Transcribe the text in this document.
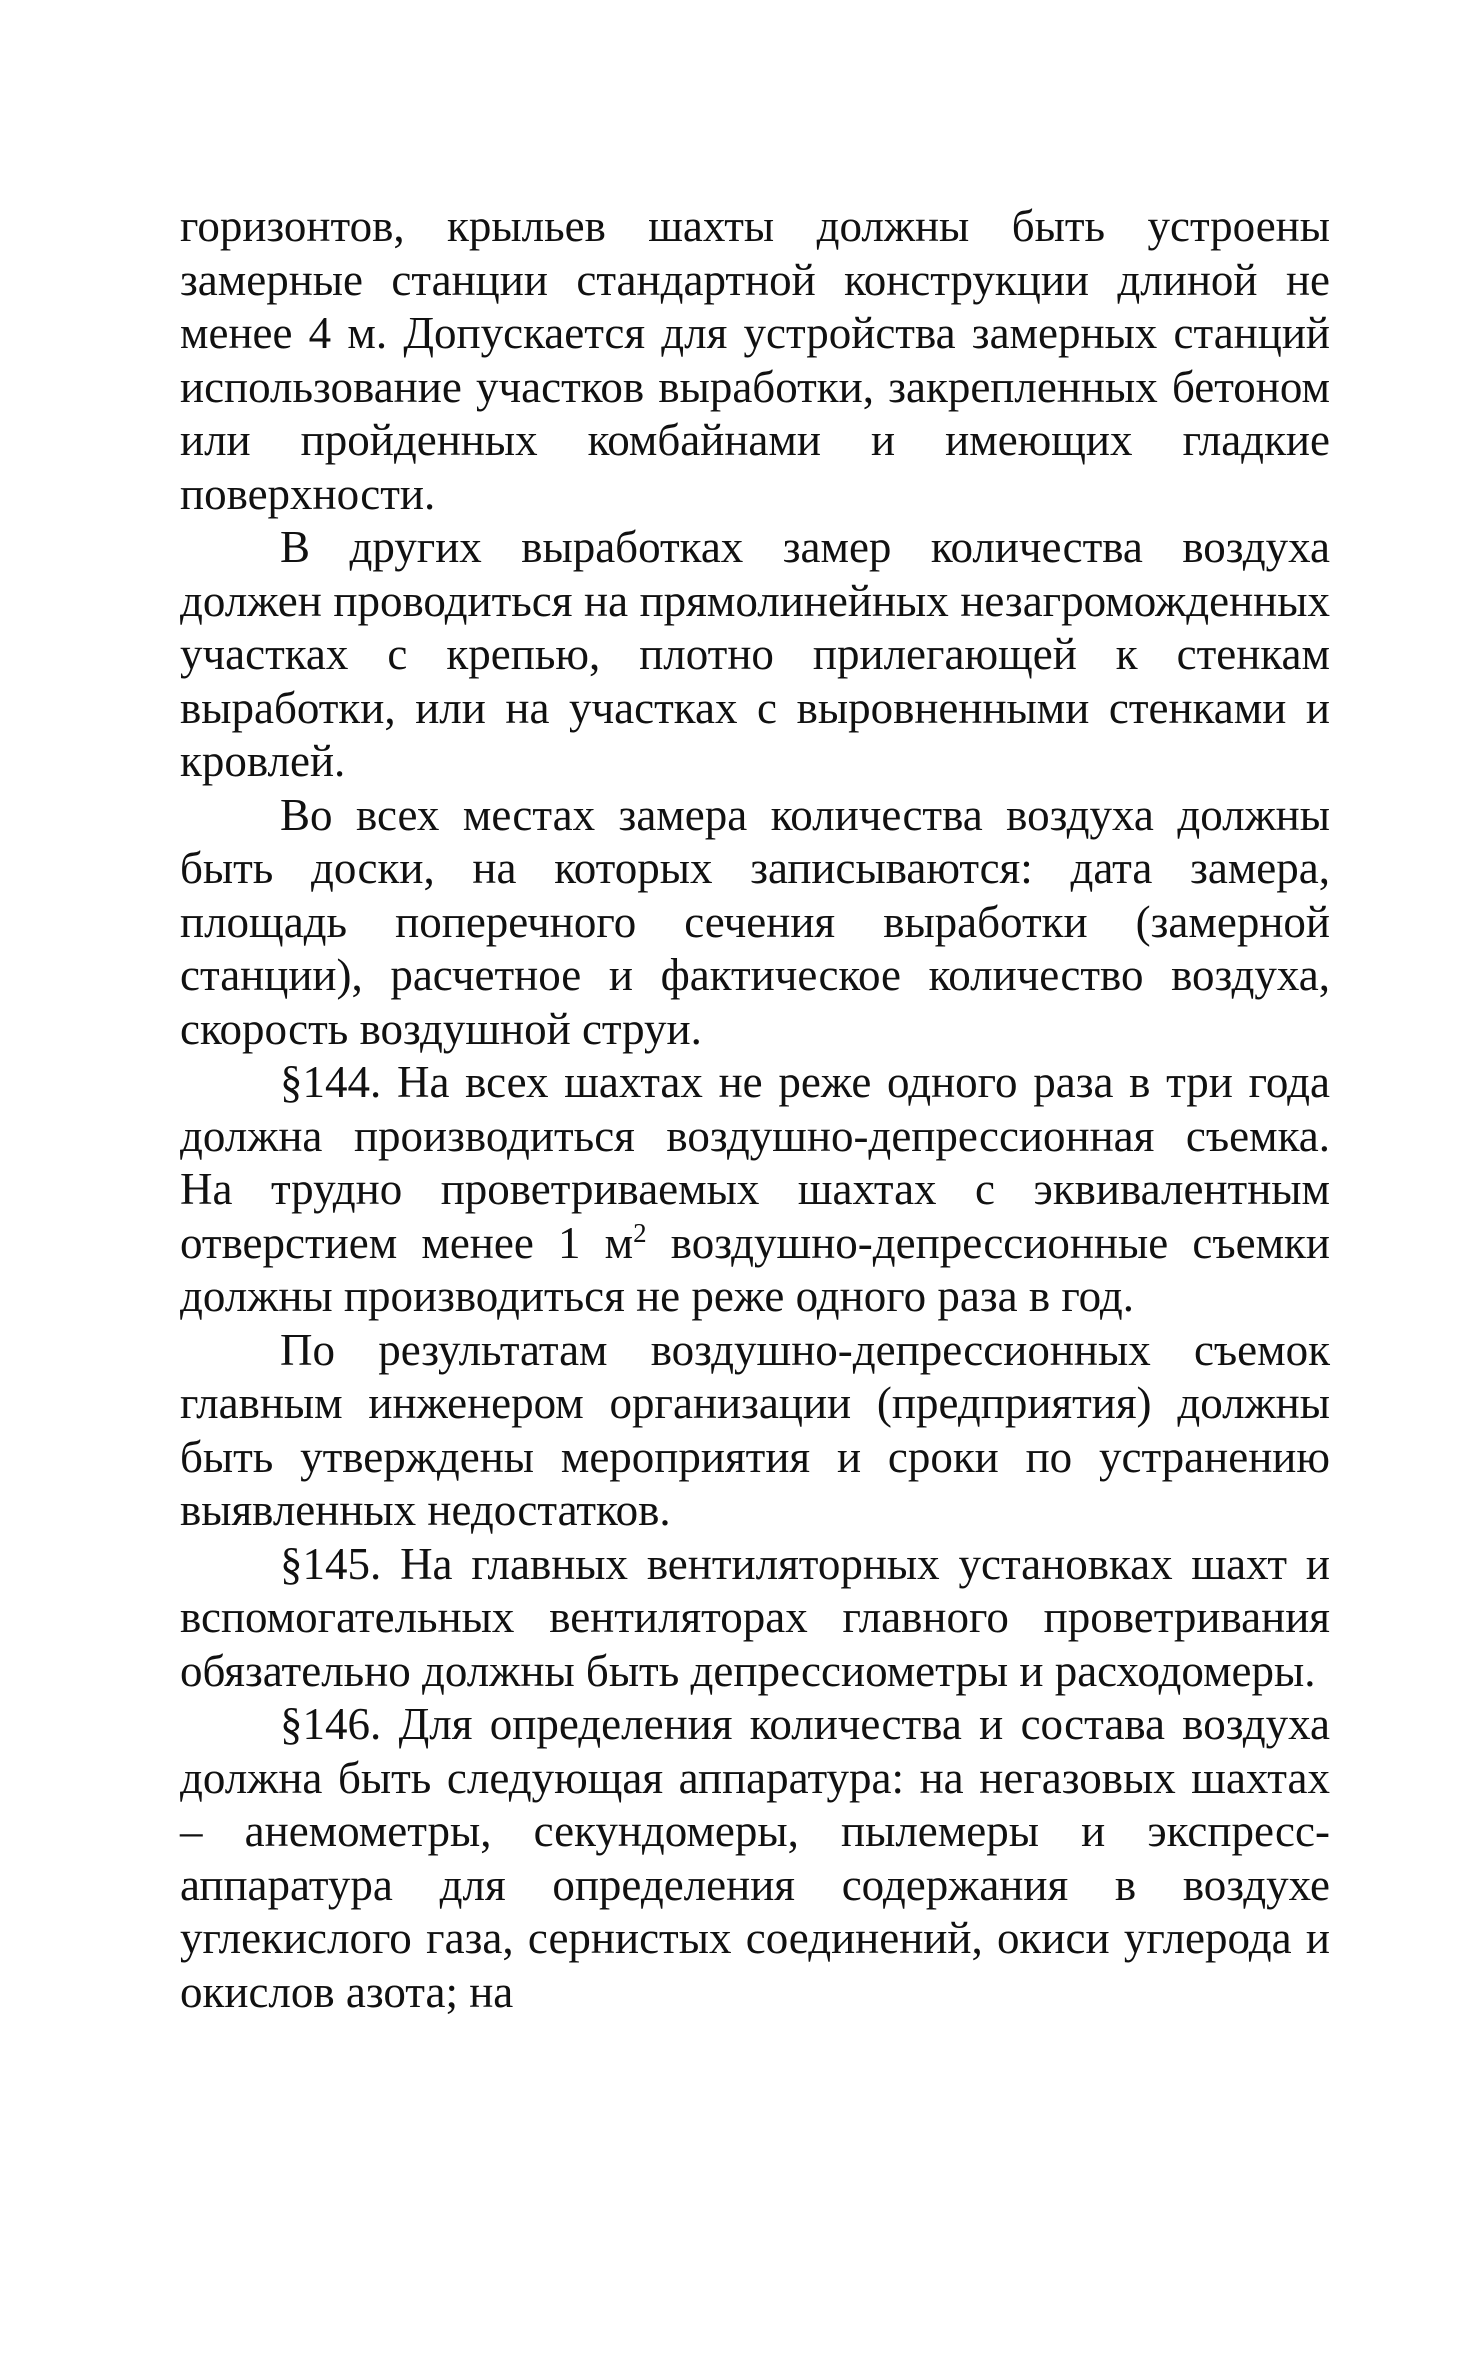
горизонтов, крыльев шахты должны быть устроены замерные станции стандартной конструкции длиной не менее 4 м. Допускается для устройства замерных станций использование участков выработки, закрепленных бетоном или пройденных комбайнами и имеющих гладкие поверхности.

В других выработках замер количества воздуха должен проводиться на прямолинейных незагроможденных участках с крепью, плотно прилегающей к стенкам выработки, или на участках с выровненными стенками и кровлей.

Во всех местах замера количества воздуха должны быть доски, на которых записываются: дата замера, площадь поперечного сечения выработки (замерной станции), расчетное и фактическое количество воздуха, скорость воздушной струи.

§144. На всех шахтах не реже одного раза в три года должна производиться воздушно-депрессионная съемка. На трудно проветриваемых шахтах с эквивалентным отверстием менее 1 $м^2$ воздушно-депрессионные съемки должны производиться не реже одного раза в год.

По результатам воздушно-депрессионных съемок главным инженером организации (предприятия) должны быть утверждены мероприятия и сроки по устранению выявленных недостатков.

§145. На главных вентиляторных установках шахт и вспомогательных вентиляторах главного проветривания обязательно должны быть депрессиометры и расходомеры.

§146. Для определения количества и состава воздуха должна быть следующая аппаратура: на негазовых шахтах – анемометры, секундомеры, пылемеры и экспресс-аппаратура для определения содержания в воздухе углекислого газа, сернистых соединений, окиси углерода и окислов азота; на
